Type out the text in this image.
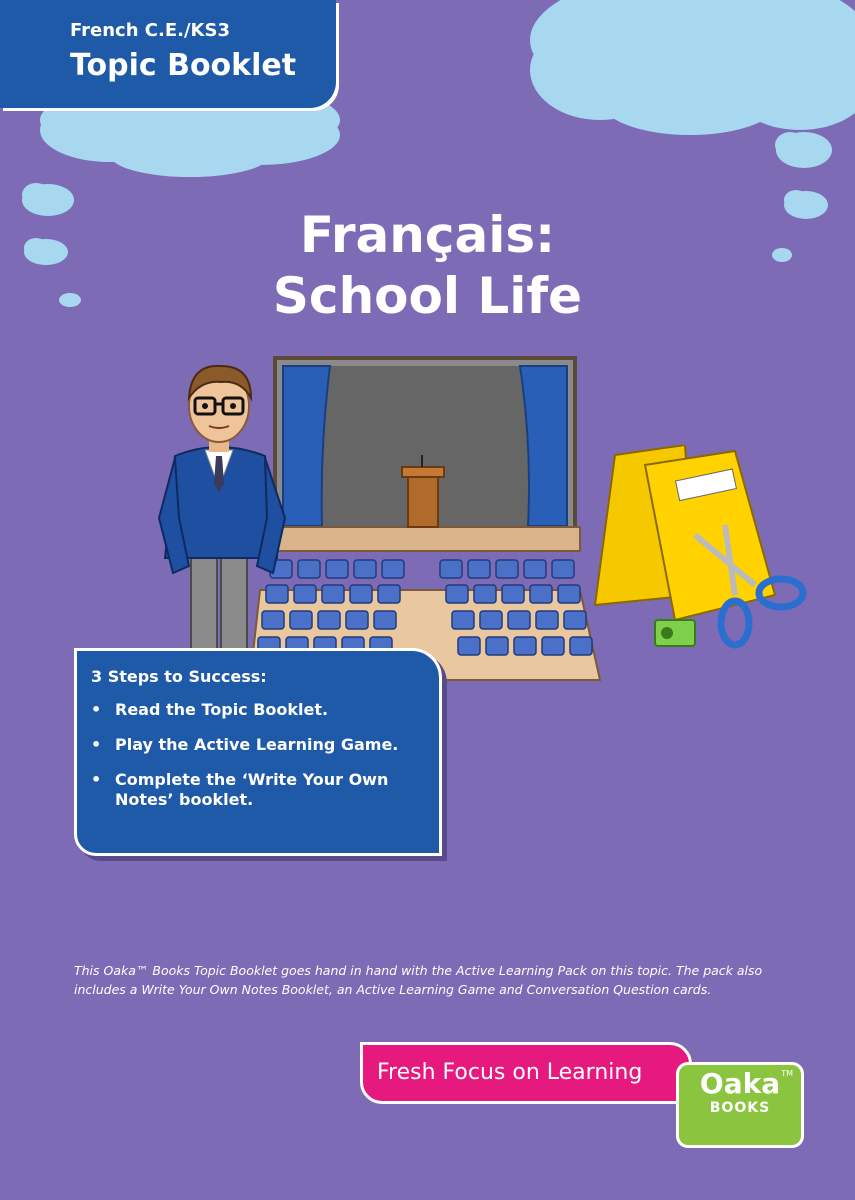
French C.E./KS3
Topic Booklet
Français:
School Life
3 Steps to Success:
• Read the Topic Booklet.
• Play the Active Learning Game.
• Complete the ‘Write Your Own Notes’ booklet.
This Oaka™ Books Topic Booklet goes hand in hand with the Active Learning Pack on this topic. The pack also includes a Write Your Own Notes Booklet, an Active Learning Game and Conversation Question cards.
Fresh Focus on Learning	TM
Oaka
BOOKS
